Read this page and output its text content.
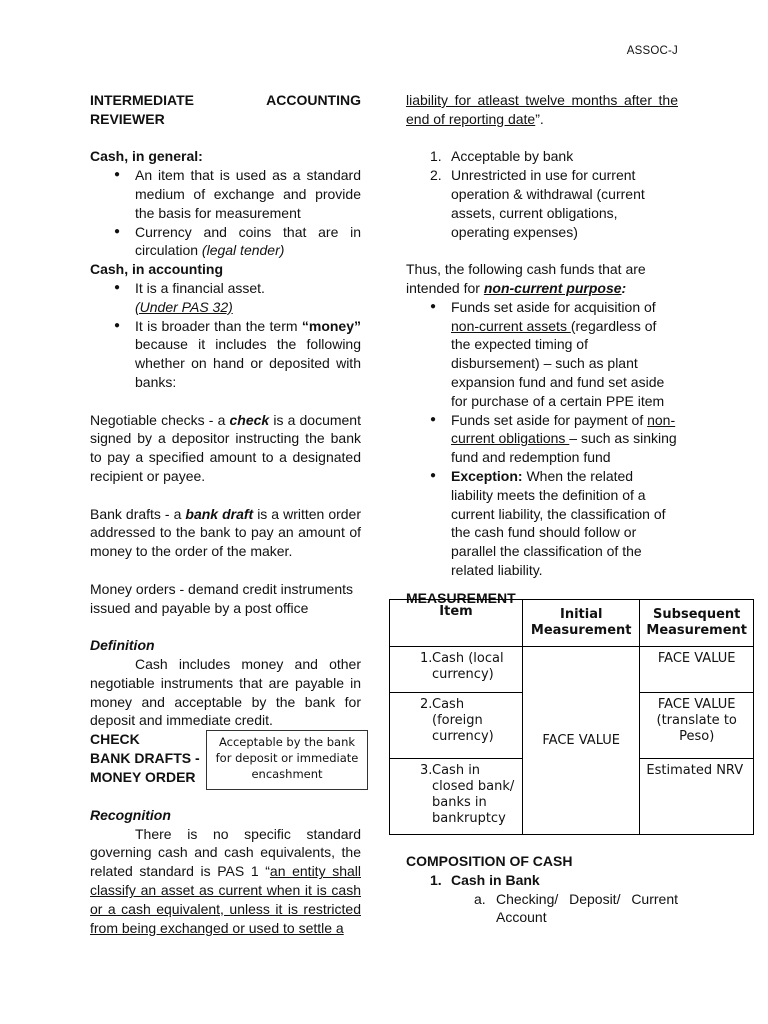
ASSOC-J

INTERMEDIATE ACCOUNTING REVIEWER

Cash, in general:

● An item that is used as a standard medium of exchange and provide the basis for measurement
● Currency and coins that are in circulation (legal tender)

Cash, in accounting

● It is a financial asset.
(Under PAS 32)
● It is broader than the term “money” because it includes the following whether on hand or deposited with banks:

Negotiable checks - a check is a document signed by a depositor instructing the bank to pay a specified amount to a designated recipient or payee.

Bank drafts - a bank draft is a written order addressed to the bank to pay an amount of money to the order of the maker.

Money orders - demand credit instruments issued and payable by a post office

Definition

Cash includes money and other negotiable instruments that are payable in money and acceptable by the bank for deposit and immediate credit.

CHECK
BANK DRAFTS -
MONEY ORDER
Acceptable by the bank for deposit or immediate encashment

Recognition

There is no specific standard governing cash and cash equivalents, the related standard is PAS 1 “an entity shall classify an asset as current when it is cash or a cash equivalent, unless it is restricted from being exchanged or used to settle a

liability for atleast twelve months after the end of reporting date”.

1. Acceptable by bank
2. Unrestricted in use for current operation & withdrawal (current assets, current obligations, operating expenses)

Thus, the following cash funds that are intended for non-current purpose:

● Funds set aside for acquisition of non-current assets (regardless of the expected timing of disbursement) – such as plant expansion fund and fund set aside for purchase of a certain PPE item
● Funds set aside for payment of non-current obligations – such as sinking fund and redemption fund
● Exception: When the related liability meets the definition of a current liability, the classification of the cash fund should follow or parallel the classification of the related liability.

MEASUREMENT

Item	Initial Measurement	Subsequent Measurement

1. Cash (local currency)	FACE VALUE	FACE VALUE

2. Cash (foreign currency)		FACE VALUE (translate to Peso)

3. Cash in closed bank/ banks in bankruptcy		Estimated NRV

COMPOSITION OF CASH

1. Cash in Bank

a. Checking/ Deposit/ Current Account
